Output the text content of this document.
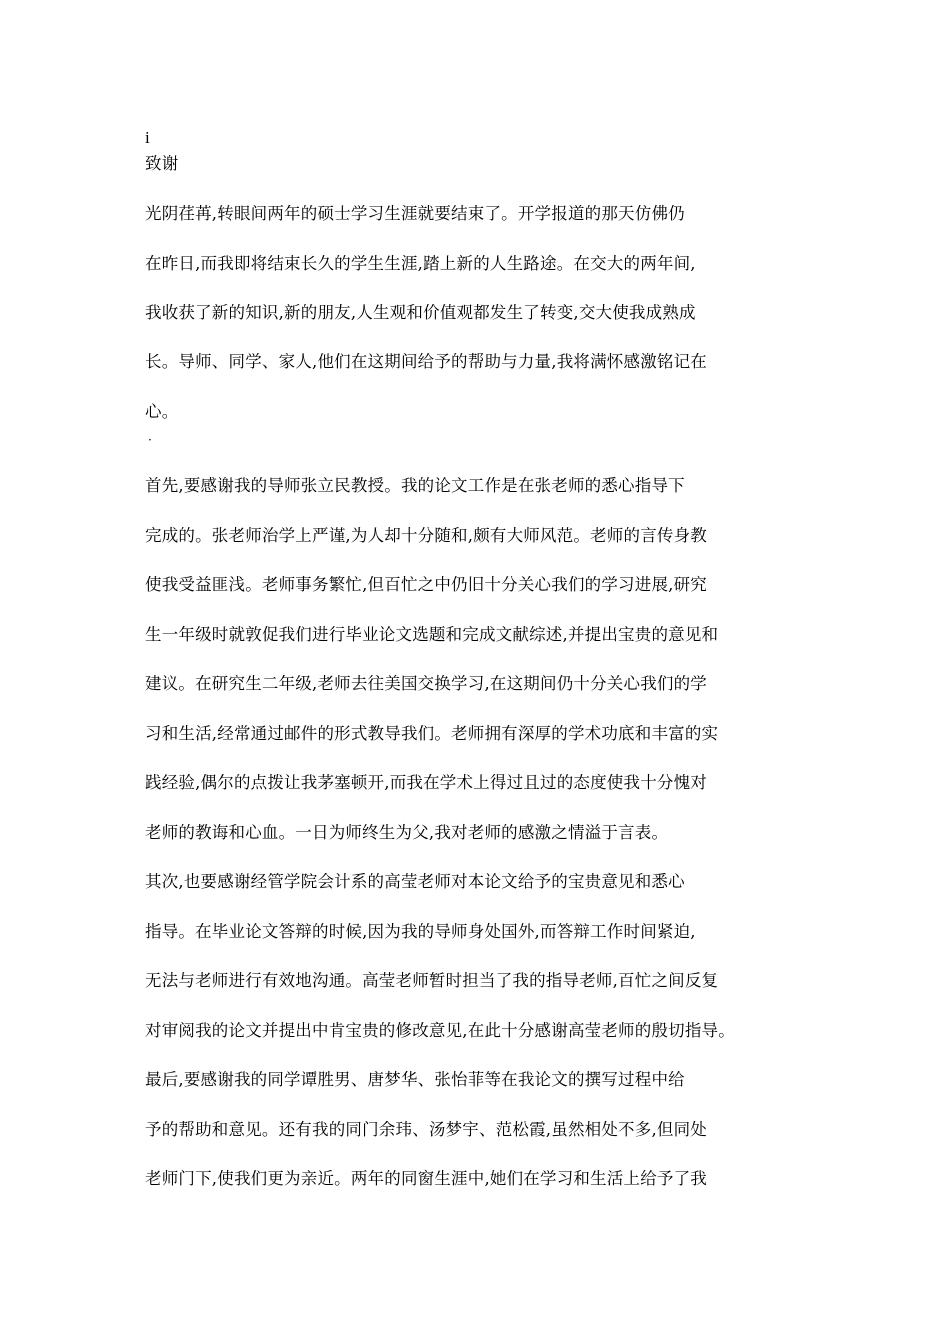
i
致谢
光阴荏苒,转眼间两年的硕士学习生涯就要结束了。开学报道的那天仿佛仍
在昨日,而我即将结束长久的学生生涯,踏上新的人生路途。在交大的两年间,
我收获了新的知识,新的朋友,人生观和价值观都发生了转变,交大使我成熟成
长。导师、同学、家人,他们在这期间给予的帮助与力量,我将满怀感激铭记在
心。
·
首先,要感谢我的导师张立民教授。我的论文工作是在张老师的悉心指导下
完成的。张老师治学上严谨,为人却十分随和,颇有大师风范。老师的言传身教
使我受益匪浅。老师事务繁忙,但百忙之中仍旧十分关心我们的学习进展,研究
生一年级时就敦促我们进行毕业论文选题和完成文献综述,并提出宝贵的意见和
建议。在研究生二年级,老师去往美国交换学习,在这期间仍十分关心我们的学
习和生活,经常通过邮件的形式教导我们。老师拥有深厚的学术功底和丰富的实
践经验,偶尔的点拨让我茅塞顿开,而我在学术上得过且过的态度使我十分愧对
老师的教诲和心血。一日为师终生为父,我对老师的感激之情溢于言表。
其次,也要感谢经管学院会计系的高莹老师对本论文给予的宝贵意见和悉心
指导。在毕业论文答辩的时候,因为我的导师身处国外,而答辩工作时间紧迫,
无法与老师进行有效地沟通。高莹老师暂时担当了我的指导老师,百忙之间反复
对审阅我的论文并提出中肯宝贵的修改意见,在此十分感谢高莹老师的殷切指导。
最后,要感谢我的同学谭胜男、唐梦华、张怡菲等在我论文的撰写过程中给
予的帮助和意见。还有我的同门余玮、汤梦宇、范松霞,虽然相处不多,但同处
老师门下,使我们更为亲近。两年的同窗生涯中,她们在学习和生活上给予了我
